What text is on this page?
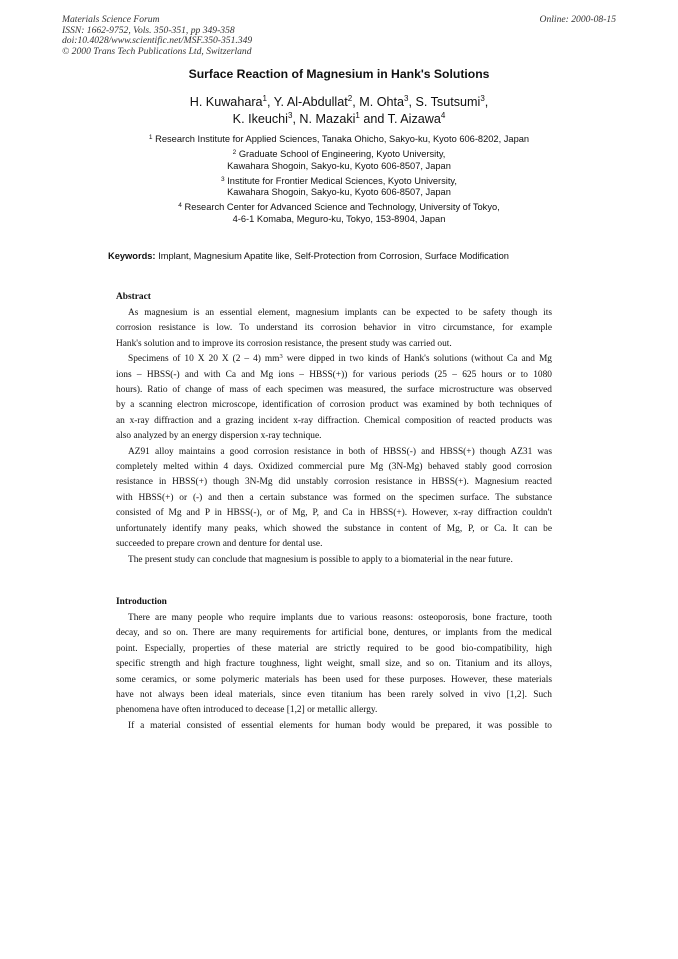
Materials Science Forum
ISSN: 1662-9752, Vols. 350-351, pp 349-358
doi:10.4028/www.scientific.net/MSF.350-351.349
© 2000 Trans Tech Publications Ltd, Switzerland
Online: 2000-08-15
Surface Reaction of Magnesium in Hank's Solutions
H. Kuwahara$^1$, Y. Al-Abdullat$^2$, M. Ohta$^3$, S. Tsutsumi$^3$,
K. Ikeuchi$^3$, N. Mazaki$^1$ and T. Aizawa$^4$
$^1$ Research Institute for Applied Sciences, Tanaka Ohicho, Sakyo-ku, Kyoto 606-8202, Japan
$^2$ Graduate School of Engineering, Kyoto University,
Kawahara Shogoin, Sakyo-ku, Kyoto 606-8507, Japan
$^3$ Institute for Frontier Medical Sciences, Kyoto University,
Kawahara Shogoin, Sakyo-ku, Kyoto 606-8507, Japan
$^4$ Research Center for Advanced Science and Technology, University of Tokyo,
4-6-1 Komaba, Meguro-ku, Tokyo, 153-8904, Japan
Keywords: Implant, Magnesium Apatite like, Self-Protection from Corrosion, Surface Modification
Abstract
As magnesium is an essential element, magnesium implants can be expected to be safety though its
corrosion resistance is low. To understand its corrosion behavior in vitro circumstance, for example
Hank's solution and to improve its corrosion resistance, the present study was carried out.
Specimens of 10 X 20 X (2 – 4) $mm^3$ were dipped in two kinds of Hank's solutions (without Ca and Mg
ions – HBSS(-) and with Ca and Mg ions – HBSS(+)) for various periods (25 – 625 hours or to 1080
hours). Ratio of change of mass of each specimen was measured, the surface microstructure was observed
by a scanning electron microscope, identification of corrosion product was examined by both techniques of
an x-ray diffraction and a grazing incident x-ray diffraction. Chemical composition of reacted products was
also analyzed by an energy dispersion x-ray technique.
AZ91 alloy maintains a good corrosion resistance in both of HBSS(-) and HBSS(+) though AZ31 was
completely melted within 4 days. Oxidized commercial pure Mg (3N-Mg) behaved stably good corrosion
resistance in HBSS(+) though 3N-Mg did unstably corrosion resistance in HBSS(+). Magnesium reacted
with HBSS(+) or (-) and then a certain substance was formed on the specimen surface. The substance
consisted of Mg and P in HBSS(-), or of Mg, P, and Ca in HBSS(+). However, x-ray diffraction couldn't
unfortunately identify many peaks, which showed the substance in content of Mg, P, or Ca. It can be
succeeded to prepare crown and denture for dental use.
The present study can conclude that magnesium is possible to apply to a biomaterial in the near future.
Introduction
There are many people who require implants due to various reasons: osteoporosis, bone fracture, tooth
decay, and so on. There are many requirements for artificial bone, dentures, or implants from the medical
point. Especially, properties of these material are strictly required to be good bio-compatibility, high
specific strength and high fracture toughness, light weight, small size, and so on. Titanium and its alloys,
some ceramics, or some polymeric materials has been used for these purposes. However, these materials
have not always been ideal materials, since even titanium has been rarely solved in vivo [1,2]. Such
phenomena have often introduced to decease [1,2] or metallic allergy.
If a material consisted of essential elements for human body would be prepared, it was possible to
